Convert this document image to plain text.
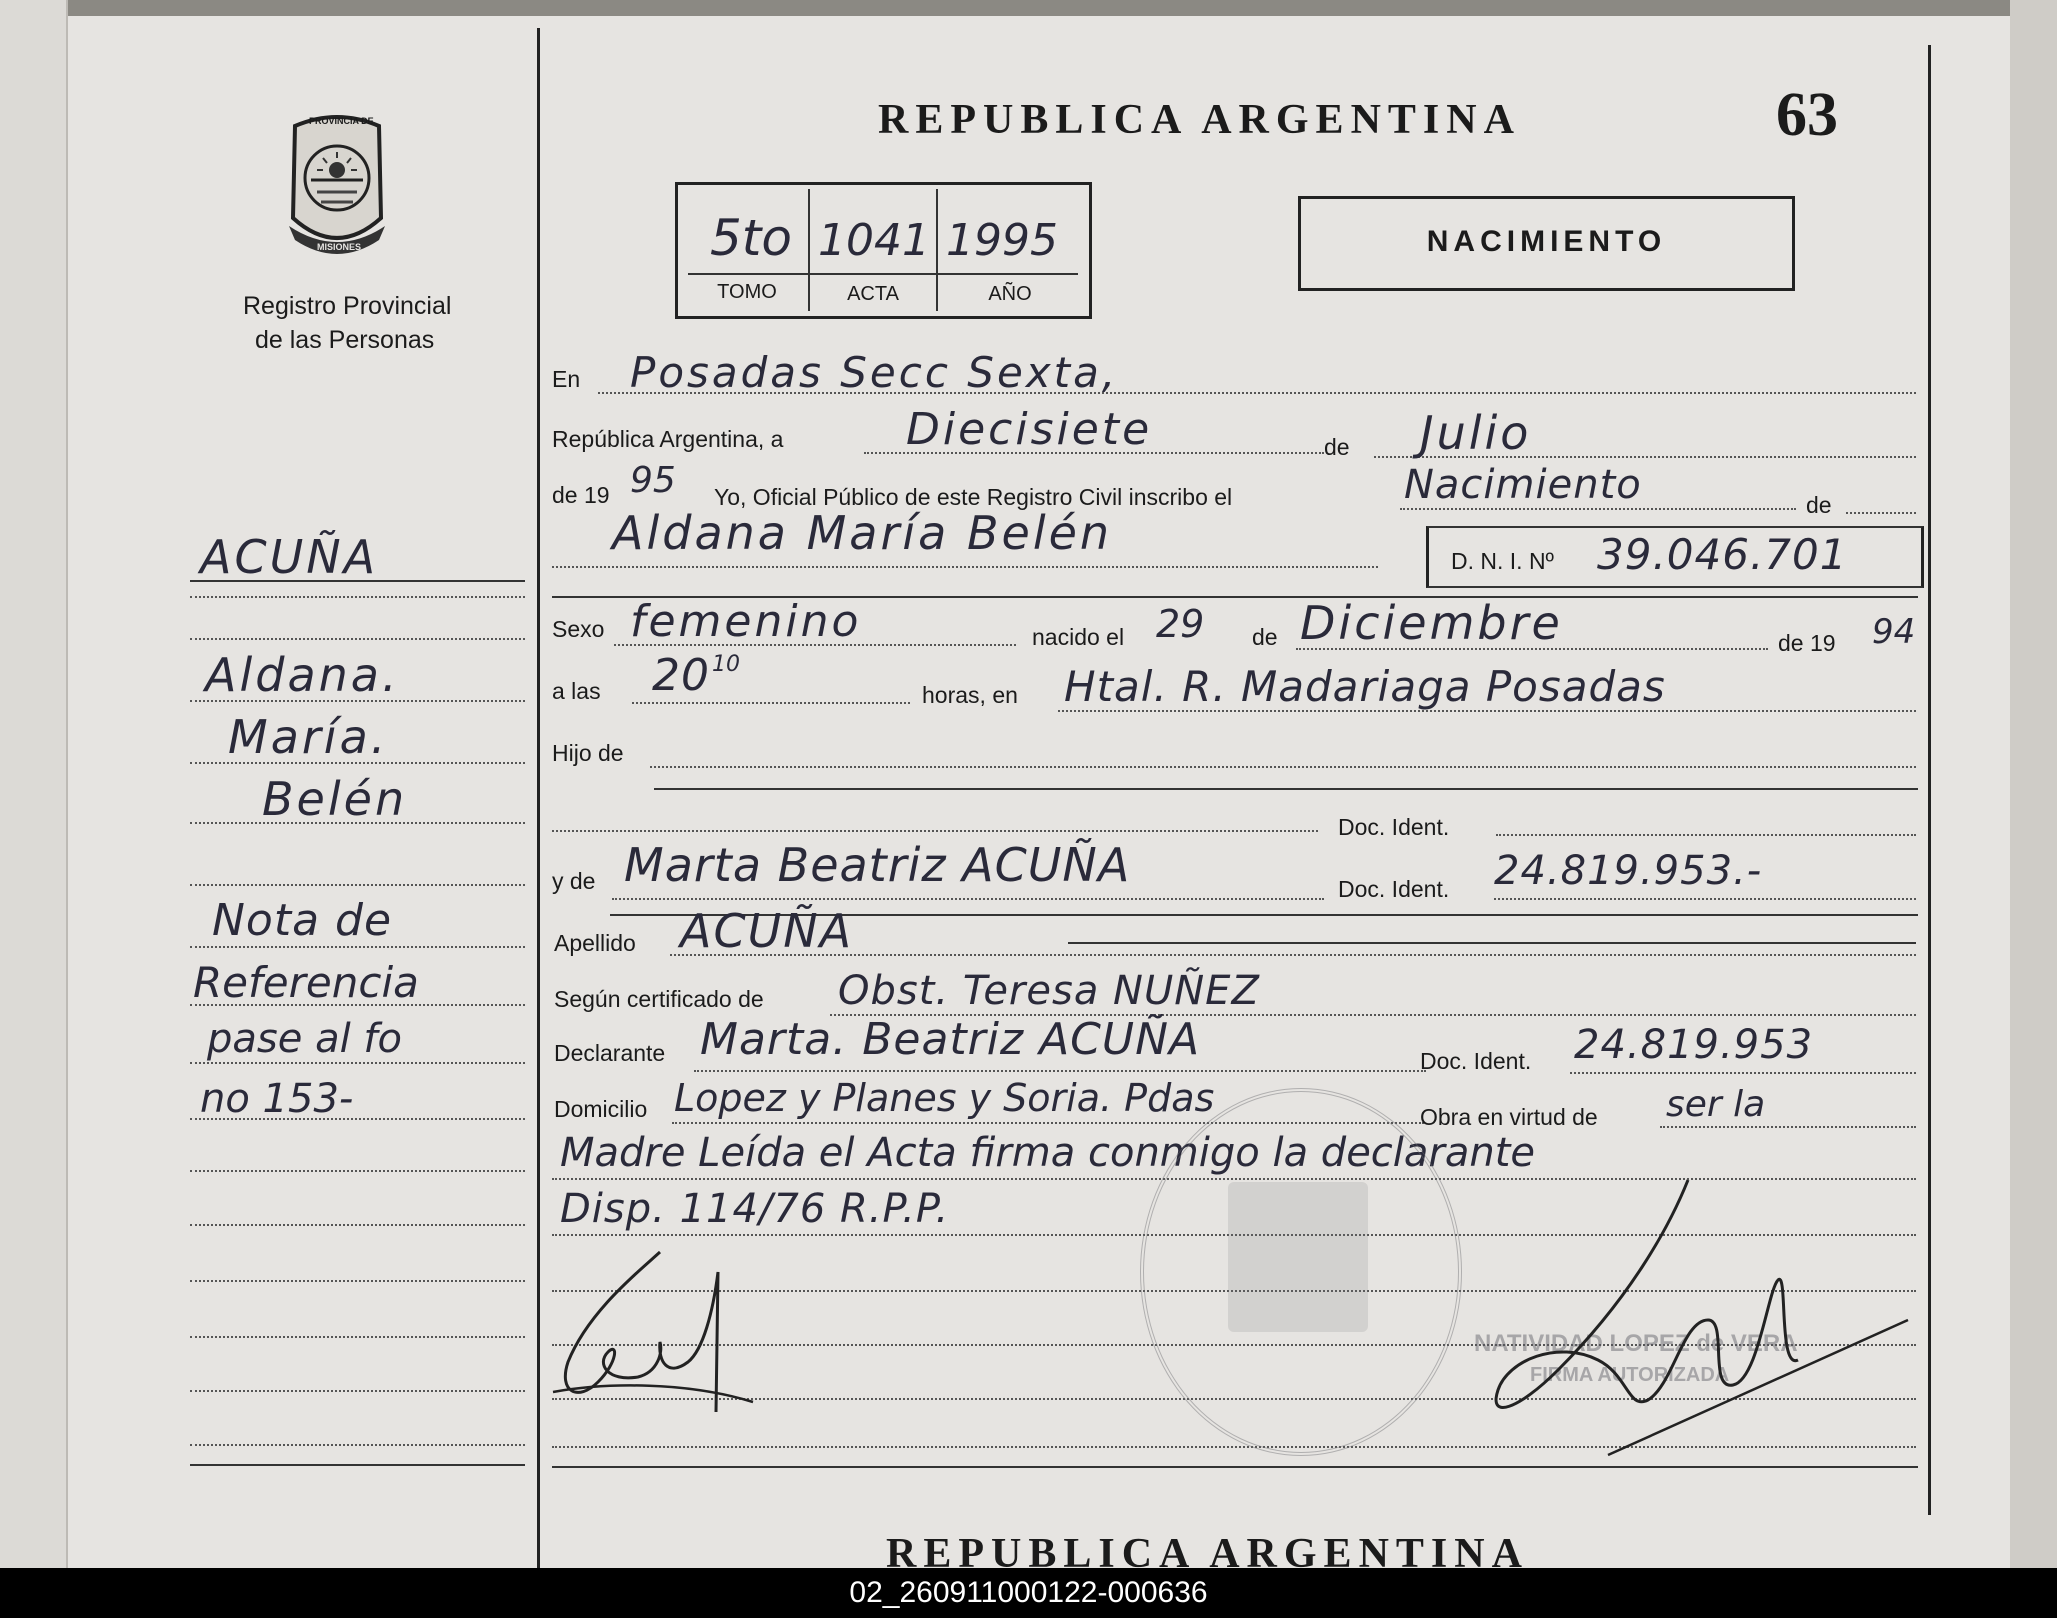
PROVINCIA DE
MISIONES
Registro Provincial
de las Personas
REPUBLICA ARGENTINA	63
5to 1041 1995
TOMO	ACTA	AÑO
NACIMIENTO
ACUÑA
Aldana.
María.
Belén
Nota de
Referencia
pase al fo
no 153-
En Posadas Secc Sexta,
República Argentina, a	Diecisiete	de Julio
de 19 95 Yo, Oficial Público de este Registro Civil inscribo el	Nacimiento	de
Aldana María Belén
D. N. I. Nº 39.046.701
Sexo femenino	nacido el 29 de Diciembre	de 19 94
a las 20 10
horas, en Htal. R. Madariaga Posadas
Hijo de
Doc. Ident.
y de Marta Beatriz ACUÑA	Doc. Ident. 24.819.953.-
Apellido ACUÑA
Según certificado de Obst. Teresa NUÑEZ
Declarante Marta. Beatriz ACUÑA	Doc. Ident. 24.819.953
Domicilio Lopez y Planes y Soria. Pdas	Obra en virtud de ser la
Madre Leída el Acta firma conmigo la declarante
Disp. 114/76 R.P.P.
NATIVIDAD LOPEZ de VERA
FIRMA AUTORIZADA
REPUBLICA ARGENTINA
02_260911000122-000636
